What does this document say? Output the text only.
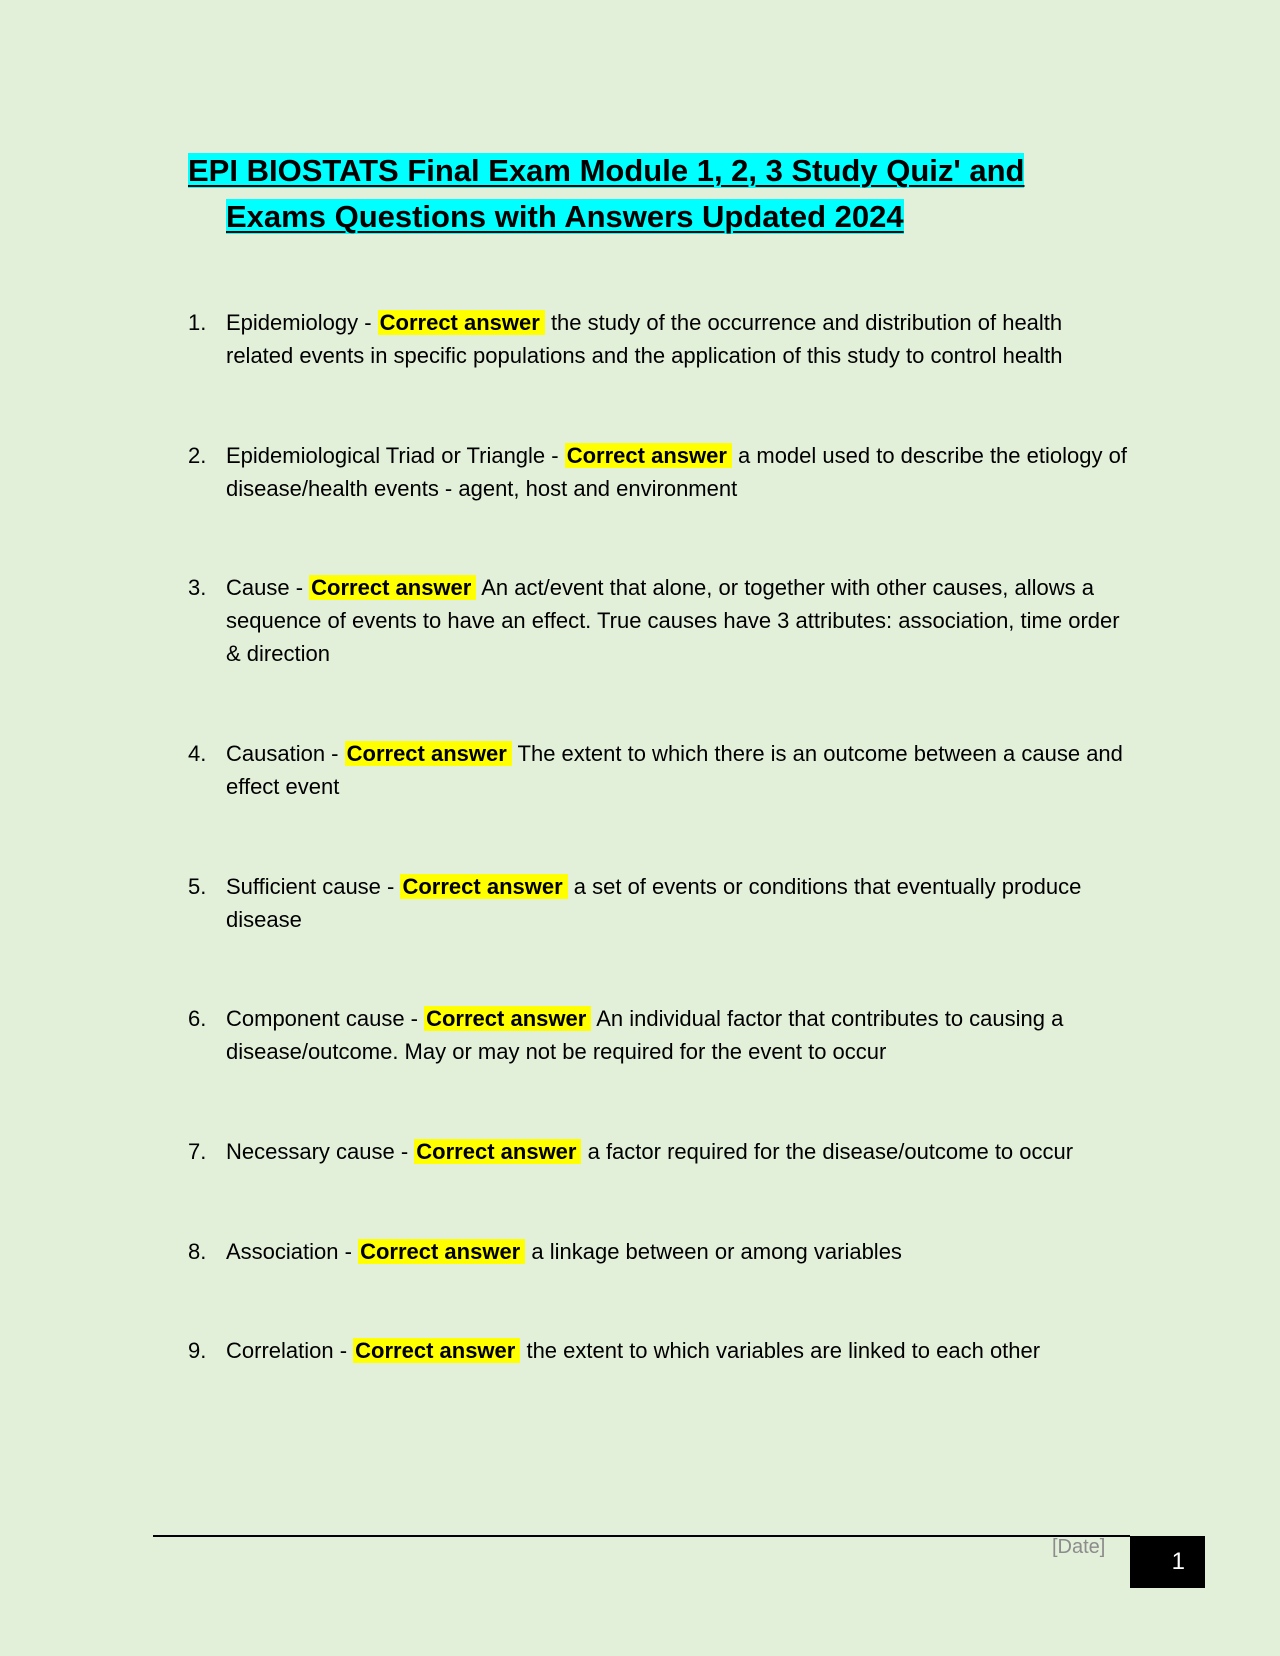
EPI BIOSTATS Final Exam Module 1, 2, 3 Study Quiz' and
Exams Questions with Answers Updated 2024
1. Epidemiology - Correct answer the study of the occurrence and distribution of health related events in specific populations and the application of this study to control health
2. Epidemiological Triad or Triangle - Correct answer a model used to describe the etiology of disease/health events - agent, host and environment
3. Cause - Correct answer An act/event that alone, or together with other causes, allows a sequence of events to have an effect. True causes have 3 attributes: association, time order & direction
4. Causation - Correct answer The extent to which there is an outcome between a cause and effect event
5. Sufficient cause - Correct answer a set of events or conditions that eventually produce disease
6. Component cause - Correct answer An individual factor that contributes to causing a disease/outcome. May or may not be required for the event to occur
7. Necessary cause - Correct answer a factor required for the disease/outcome to occur
8. Association - Correct answer a linkage between or among variables
9. Correlation - Correct answer the extent to which variables are linked to each other
[Date]
1
